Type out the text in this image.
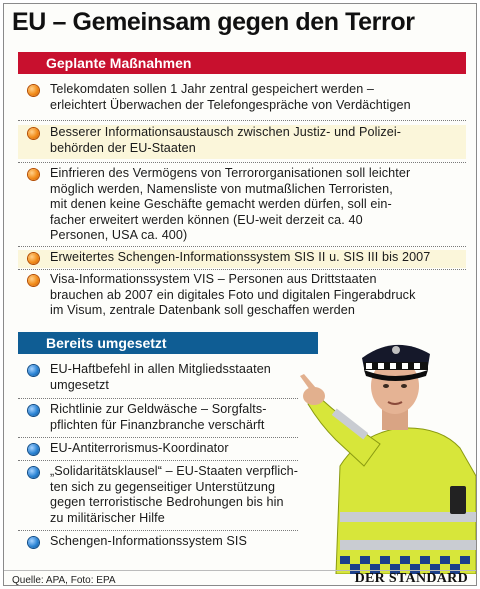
EU – Gemeinsam gegen den Terror
Geplante Maßnahmen
Telekomdaten sollen 1 Jahr zentral gespeichert werden –
erleichtert Überwachen der Telefongespräche von Verdächtigen
Besserer Informationsaustausch zwischen Justiz- und Polizei-
behörden der EU-Staaten
Einfrieren des Vermögens von Terrororganisationen soll leichter
möglich werden, Namensliste von mutmaßlichen Terroristen,
mit denen keine Geschäfte gemacht werden dürfen, soll ein-
facher erweitert werden können (EU-weit derzeit ca. 40
Personen, USA ca. 400)
Erweitertes Schengen-Informationssystem SIS II u. SIS III bis 2007
Visa-Informationssystem VIS – Personen aus Drittstaaten
brauchen ab 2007 ein digitales Foto und digitalen Fingerabdruck
im Visum, zentrale Datenbank soll geschaffen werden
Bereits umgesetzt
EU-Haftbefehl in allen Mitgliedsstaaten
umgesetzt
Richtlinie zur Geldwäsche – Sorgfalts-
pflichten für Finanzbranche verschärft
EU-Antiterrorismus-Koordinator
„Solidaritätsklausel“ – EU-Staaten verpflich-
ten sich zu gegenseitiger Unterstützung
gegen terroristische Bedrohungen bis hin
zu militärischer Hilfe
Schengen-Informationssystem SIS
Quelle: APA, Foto: EPA	DER STANDARD
